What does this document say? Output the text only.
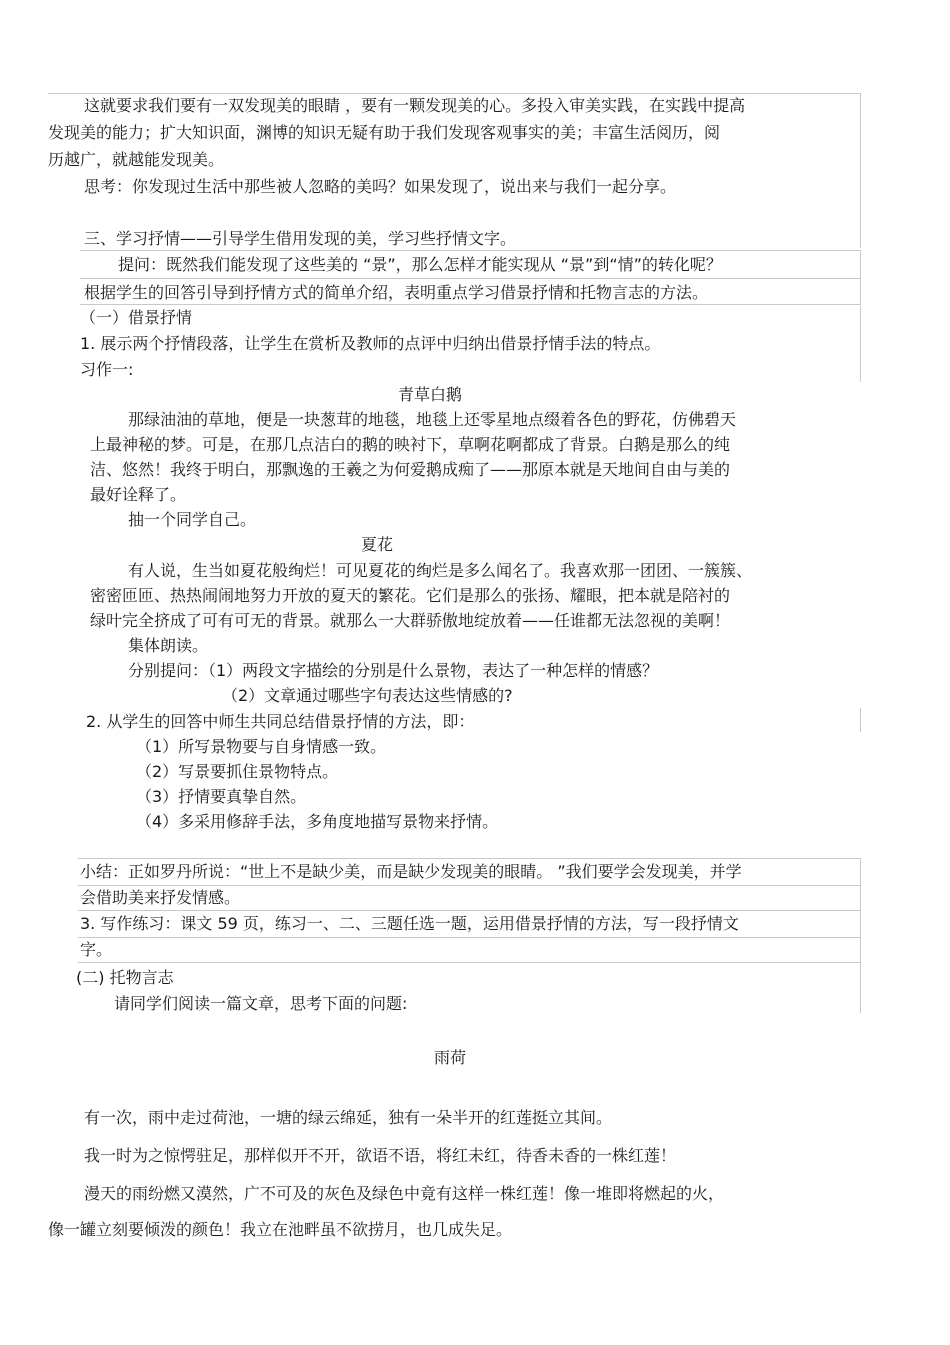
这就要求我们要有一双发现美的眼睛 ，要有一颗发现美的心。多投入审美实践，在实践中提高
发现美的能力；扩大知识面，渊博的知识无疑有助于我们发现客观事实的美；丰富生活阅历，阅
历越广，就越能发现美。
思考：你发现过生活中那些被人忽略的美吗？如果发现了，说出来与我们一起分享。
三、学习抒情——引导学生借用发现的美，学习些抒情文字。
提问：既然我们能发现了这些美的 “景”，那么怎样才能实现从 “景”到“情”的转化呢？
根据学生的回答引导到抒情方式的简单介绍，表明重点学习借景抒情和托物言志的方法。
（一）借景抒情
1. 展示两个抒情段落，让学生在赏析及教师的点评中归纳出借景抒情手法的特点。
习作一:
青草白鹅
那绿油油的草地，便是一块葱茸的地毯，地毯上还零星地点缀着各色的野花，仿佛碧天
上最神秘的梦。可是，在那几点洁白的鹅的映衬下，草啊花啊都成了背景。白鹅是那么的纯
洁、悠然！我终于明白，那飘逸的王羲之为何爱鹅成痴了——那原本就是天地间自由与美的
最好诠释了。
抽一个同学自己。
夏花
有人说，生当如夏花般绚烂！可见夏花的绚烂是多么闻名了。我喜欢那一团团、一簇簇、
密密匝匝、热热闹闹地努力开放的夏天的繁花。它们是那么的张扬、耀眼，把本就是陪衬的
绿叶完全挤成了可有可无的背景。就那么一大群骄傲地绽放着——任谁都无法忽视的美啊！
集体朗读。
分别提问：（1）两段文字描绘的分别是什么景物，表达了一种怎样的情感？
（2）文章通过哪些字句表达这些情感的?
2. 从学生的回答中师生共同总结借景抒情的方法，即：
（1）所写景物要与自身情感一致。
（2）写景要抓住景物特点。
（3）抒情要真挚自然。
（4）多采用修辞手法，多角度地描写景物来抒情。
小结：正如罗丹所说：“世上不是缺少美，而是缺少发现美的眼睛。 ”我们要学会发现美，并学
会借助美来抒发情感。
3. 写作练习：课文 59 页，练习一、二、三题任选一题，运用借景抒情的方法，写一段抒情文
字。
(二) 托物言志
请同学们阅读一篇文章，思考下面的问题:
雨荷
有一次，雨中走过荷池，一塘的绿云绵延，独有一朵半开的红莲挺立其间。
我一时为之惊愕驻足，那样似开不开，欲语不语，将红未红，待香未香的一株红莲！
漫天的雨纷燃又漠然，广不可及的灰色及绿色中竟有这样一株红莲！像一堆即将燃起的火，
像一罐立刻要倾泼的颜色！我立在池畔虽不欲捞月，也几成失足。
